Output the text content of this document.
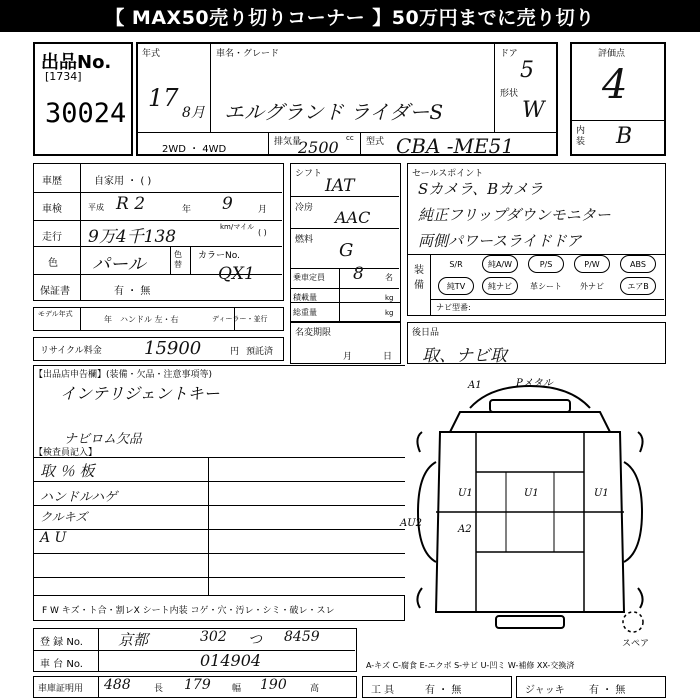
【 MAX50売り切りコーナー 】50万円までに売り切り
出品No.
[1734]
30024
年式
17
8月
車名・グレード
エルグランド ライダーS
ドア
5
形状
W
2WD ・ 4WD
排気量	cc
2500	型式 CBA -ME51
評価点
4
内装 B
車歴	自家用 ・ ( )
車検	平成 R 2	年 9	月
走行 9万4千138	km/マイル
( )
色 パール	色替
カラーNo.
QX1
保証書	有 ・ 無
シフト
IAT
冷房 AAC
燃料 G
乗車定員 8	名
積載量	kg
総重量	kg
セールスポイント
Sカメラ、Bカメラ
純正フリップダウンモニター
両側パワースライドドア
装備
S/R	純A/W	P/S	P/W	ABS
純TV	純ナビ	革シート	外ナビ	エアB
ナビ型番:
モデル年式
年 ハンドル 左・右	ディーラー・並行
名変期限
月	日
リサイクル料金 15900	円 預託済
後日品
取、ナビ取
インテリジェントキー
【出品店申告欄】(装備・欠品・注意事項等)
ナビロム欠品
【検査員記入】
取 ％ 板
ハンドルハゲ
クルキズ
A U
A1	Pメタル
U1	U1	U1
AU2
A2
スペア
F W キズ・ト合・割レX シート内装 コゲ・穴・汚レ・シミ・破レ・スレ
登 録 No. 京都	302 つ 8459
車 台 No.	014904
車庫証明用	長
488	幅
179	高
190
A-キズ C-腐食 E-エクボ S-サビ U-凹ミ W-補修 XX-交換済
工 具	有 ・ 無	ジャッキ 有 ・ 無
